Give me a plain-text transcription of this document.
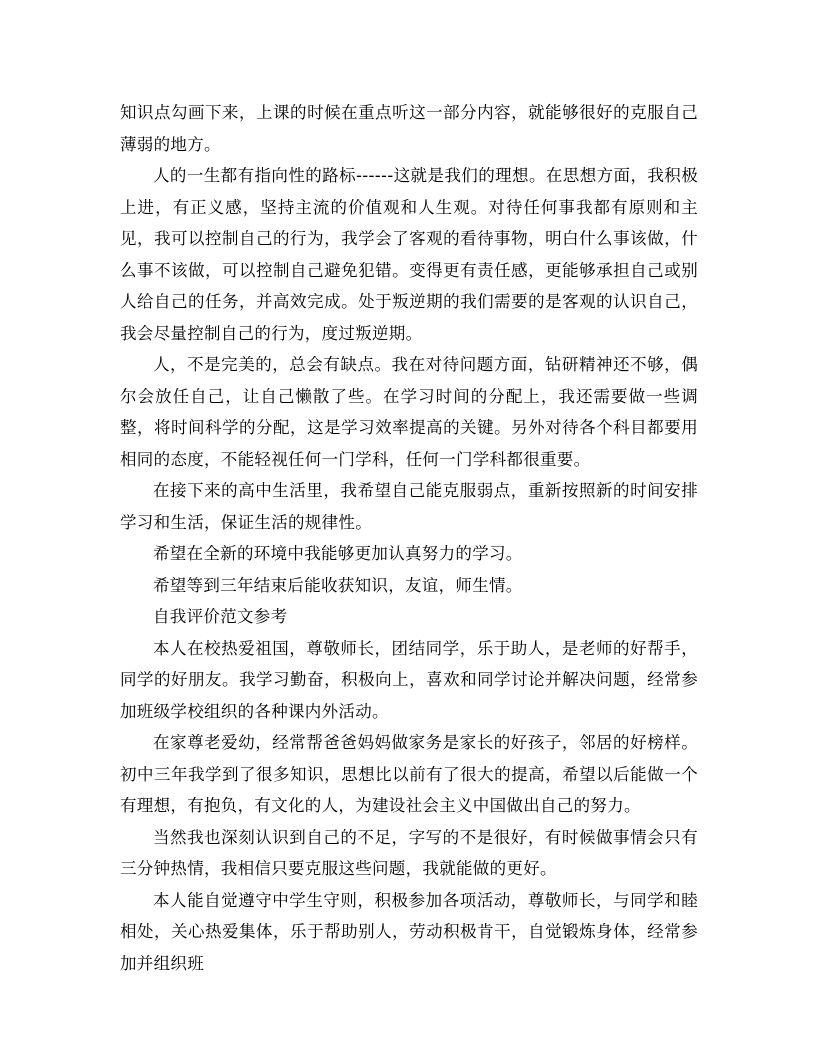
知识点勾画下来，上课的时候在重点听这一部分内容，就能够很好的克服自己薄弱的地方。

人的一生都有指向性的路标------这就是我们的理想。在思想方面，我积极上进，有正义感，坚持主流的价值观和人生观。对待任何事我都有原则和主见，我可以控制自己的行为，我学会了客观的看待事物，明白什么事该做，什么事不该做，可以控制自己避免犯错。变得更有责任感，更能够承担自己或别人给自己的任务，并高效完成。处于叛逆期的我们需要的是客观的认识自己，我会尽量控制自己的行为，度过叛逆期。

人，不是完美的，总会有缺点。我在对待问题方面，钻研精神还不够，偶尔会放任自己，让自己懒散了些。在学习时间的分配上，我还需要做一些调整，将时间科学的分配，这是学习效率提高的关键。另外对待各个科目都要用相同的态度，不能轻视任何一门学科，任何一门学科都很重要。

在接下来的高中生活里，我希望自己能克服弱点，重新按照新的时间安排学习和生活，保证生活的规律性。

希望在全新的环境中我能够更加认真努力的学习。

希望等到三年结束后能收获知识，友谊，师生情。

自我评价范文参考

本人在校热爱祖国，尊敬师长，团结同学，乐于助人，是老师的好帮手，同学的好朋友。我学习勤奋，积极向上，喜欢和同学讨论并解决问题，经常参加班级学校组织的各种课内外活动。

在家尊老爱幼，经常帮爸爸妈妈做家务是家长的好孩子，邻居的好榜样。初中三年我学到了很多知识，思想比以前有了很大的提高，希望以后能做一个有理想，有抱负，有文化的人，为建设社会主义中国做出自己的努力。

当然我也深刻认识到自己的不足，字写的不是很好，有时候做事情会只有三分钟热情，我相信只要克服这些问题，我就能做的更好。

本人能自觉遵守中学生守则，积极参加各项活动，尊敬师长，与同学和睦相处，关心热爱集体，乐于帮助别人，劳动积极肯干，自觉锻炼身体，经常参加并组织班
